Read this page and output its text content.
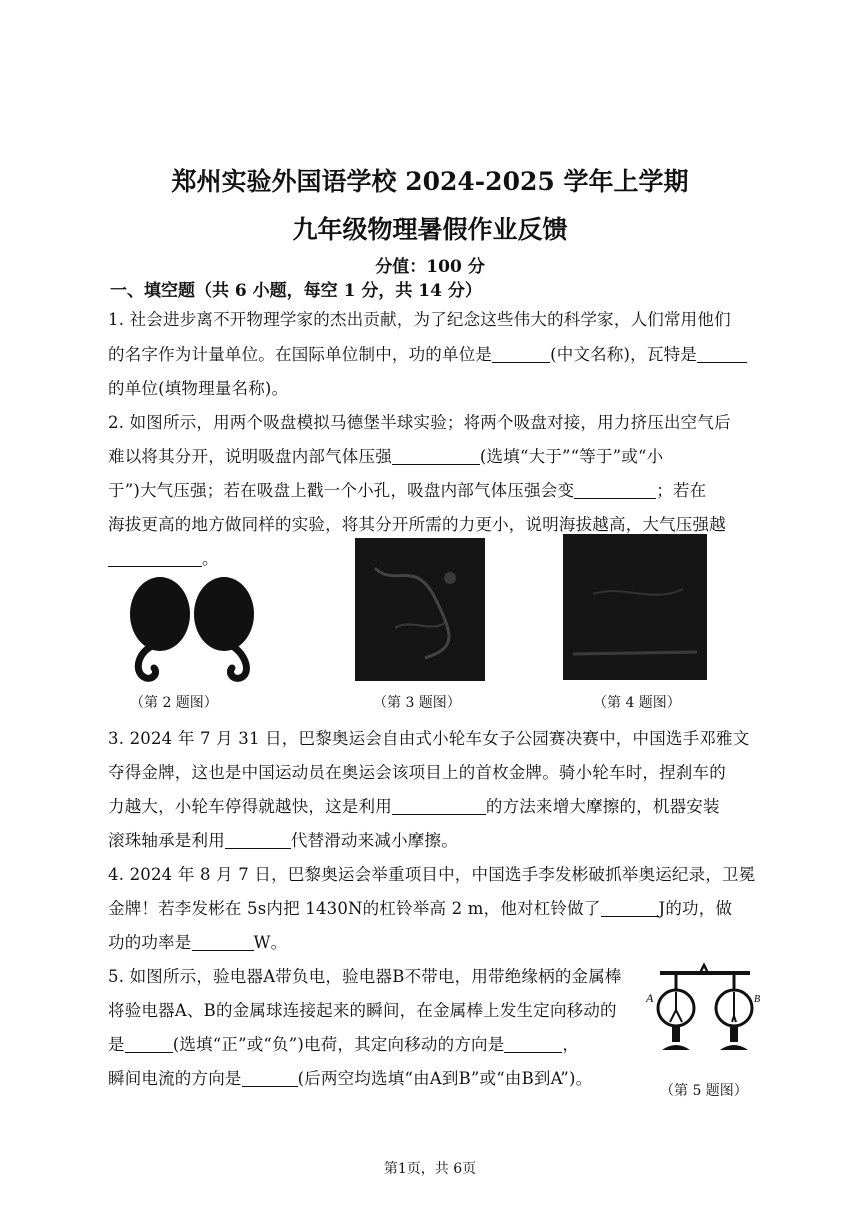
郑州实验外国语学校 2024-2025 学年上学期
九年级物理暑假作业反馈
分值：100 分
一、填空题（共 6 小题，每空 1 分，共 14 分）
1. 社会进步离不开物理学家的杰出贡献，为了纪念这些伟大的科学家，人们常用他们
的名字作为计量单位。在国际单位制中，功的单位是	(中文名称)，瓦特是
的单位(填物理量名称)。
2. 如图所示，用两个吸盘模拟马德堡半球实验；将两个吸盘对接，用力挤压出空气后
难以将其分开，说明吸盘内部气体压强	(选填“大于”“等于”或“小
于”)大气压强；若在吸盘上戳一个小孔，吸盘内部气体压强会变	；若在
海拔更高的地方做同样的实验，将其分开所需的力更小，说明海拔越高，大气压强越
。
（第 2 题图）	（第 3 题图）	（第 4 题图）
3. 2024 年 7 月 31 日，巴黎奥运会自由式小轮车女子公园赛决赛中，中国选手邓雅文
夺得金牌，这也是中国运动员在奥运会该项目上的首枚金牌。骑小轮车时，捏刹车的
力越大，小轮车停得就越快，这是利用	的方法来增大摩擦的，机器安装
滚珠轴承是利用	代替滑动来减小摩擦。
4. 2024 年 8 月 7 日，巴黎奥运会举重项目中，中国选手李发彬破抓举奥运纪录，卫冕
金牌！若李发彬在 5s内把 1430N的杠铃举高 2 m，他对杠铃做了	J的功，做
功的功率是	W。
5. 如图所示，验电器A带负电，验电器B不带电，用带绝缘柄的金属棒
将验电器A、B的金属球连接起来的瞬间，在金属棒上发生定向移动的
是	(选填“正”或“负”)电荷，其定向移动的方向是	，
瞬间电流的方向是	(后两空均选填“由A到B”或“由B到A”)。
A	B
（第 5 题图）
第1页，共 6页
